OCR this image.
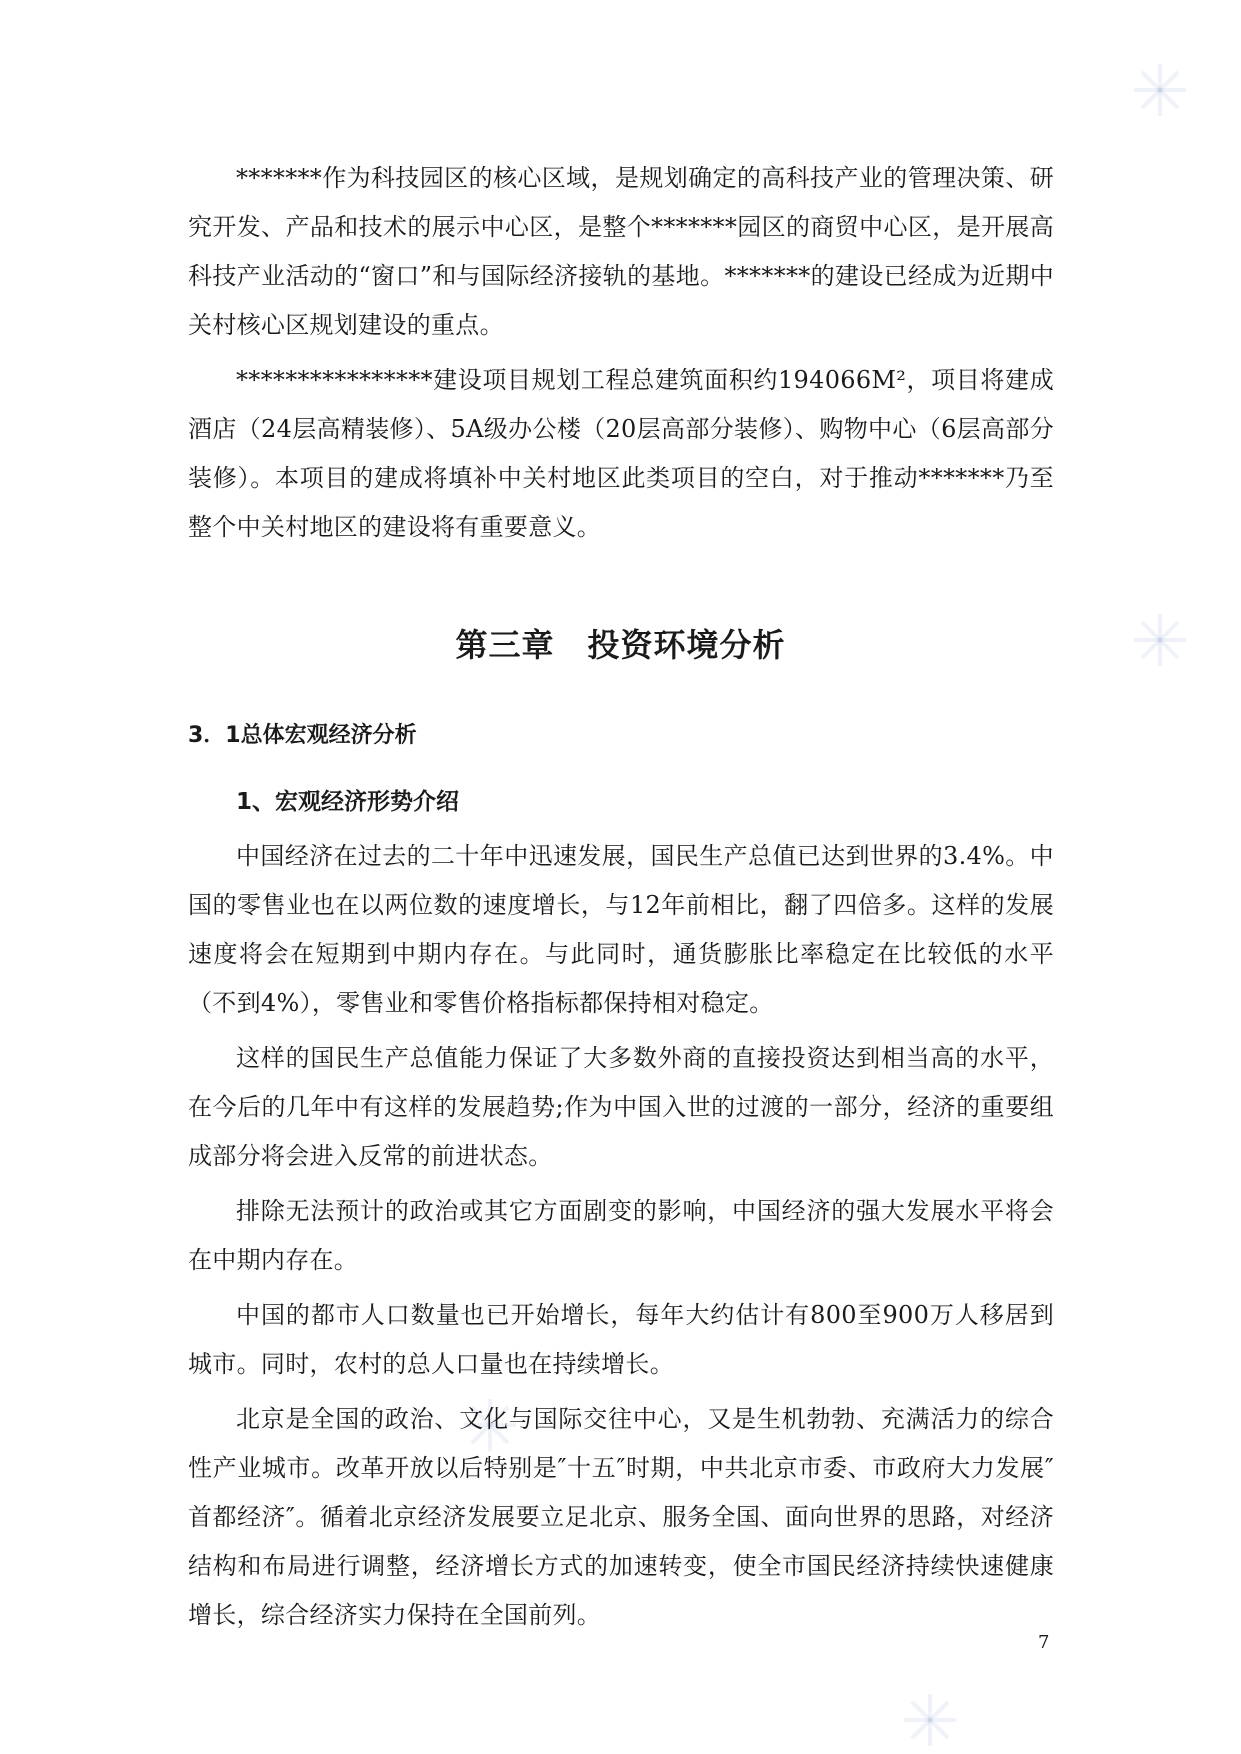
*******作为科技园区的核心区域，是规划确定的高科技产业的管理决策、研究开发、产品和技术的展示中心区，是整个*******园区的商贸中心区，是开展高科技产业活动的“窗口”和与国际经济接轨的基地。*******的建设已经成为近期中关村核心区规划建设的重点。

****************建设项目规划工程总建筑面积约194066M²，项目将建成酒店（24层高精装修）、5A级办公楼（20层高部分装修）、购物中心（6层高部分装修）。本项目的建成将填补中关村地区此类项目的空白，对于推动*******乃至整个中关村地区的建设将有重要意义。

第三章　投资环境分析
3．1总体宏观经济分析
1、宏观经济形势介绍

中国经济在过去的二十年中迅速发展，国民生产总值已达到世界的3.4%。中国的零售业也在以两位数的速度增长，与12年前相比，翻了四倍多。这样的发展速度将会在短期到中期内存在。与此同时，通货膨胀比率稳定在比较低的水平（不到4%），零售业和零售价格指标都保持相对稳定。

这样的国民生产总值能力保证了大多数外商的直接投资达到相当高的水平，在今后的几年中有这样的发展趋势;作为中国入世的过渡的一部分，经济的重要组成部分将会进入反常的前进状态。

排除无法预计的政治或其它方面剧变的影响，中国经济的强大发展水平将会在中期内存在。

中国的都市人口数量也已开始增长，每年大约估计有800至900万人移居到城市。同时，农村的总人口量也在持续增长。

北京是全国的政治、文化与国际交往中心，又是生机勃勃、充满活力的综合性产业城市。改革开放以后特别是″十五″时期，中共北京市委、市政府大力发展″首都经济″。循着北京经济发展要立足北京、服务全国、面向世界的思路，对经济结构和布局进行调整，经济增长方式的加速转变，使全市国民经济持续快速健康增长，综合经济实力保持在全国前列。

7
